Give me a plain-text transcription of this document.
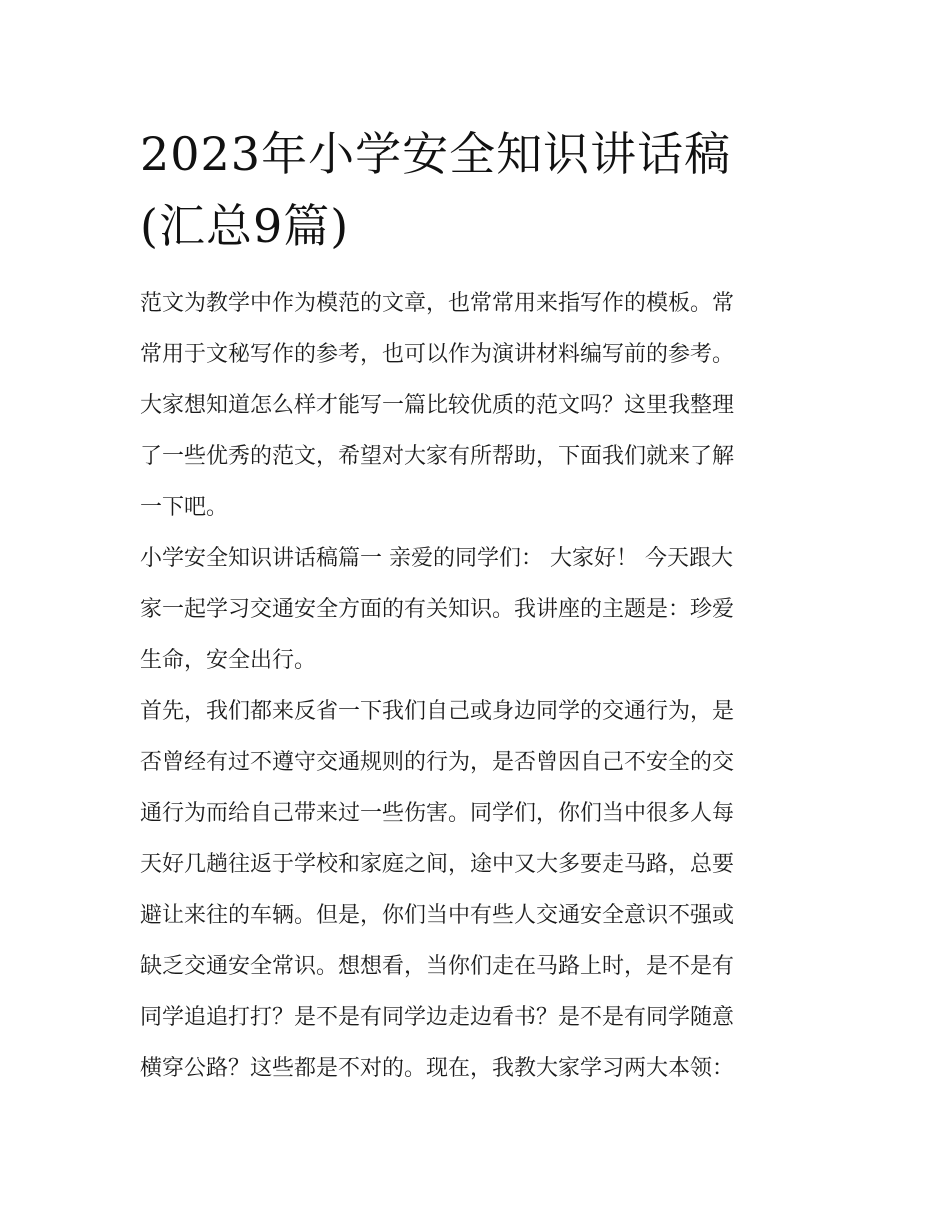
2023年小学安全知识讲话稿
(汇总9篇)

范文为教学中作为模范的文章，也常常用来指写作的模板。常
常用于文秘写作的参考，也可以作为演讲材料编写前的参考。
大家想知道怎么样才能写一篇比较优质的范文吗？这里我整理
了一些优秀的范文，希望对大家有所帮助，下面我们就来了解
一下吧。

小学安全知识讲话稿篇一 亲爱的同学们： 大家好！ 今天跟大
家一起学习交通安全方面的有关知识。我讲座的主题是：珍爱
生命，安全出行。

首先，我们都来反省一下我们自己或身边同学的交通行为，是
否曾经有过不遵守交通规则的行为，是否曾因自己不安全的交
通行为而给自己带来过一些伤害。同学们，你们当中很多人每
天好几趟往返于学校和家庭之间，途中又大多要走马路，总要
避让来往的车辆。但是，你们当中有些人交通安全意识不强或
缺乏交通安全常识。想想看，当你们走在马路上时，是不是有
同学追追打打？是不是有同学边走边看书？是不是有同学随意
横穿公路？这些都是不对的。现在，我教大家学习两大本领：
